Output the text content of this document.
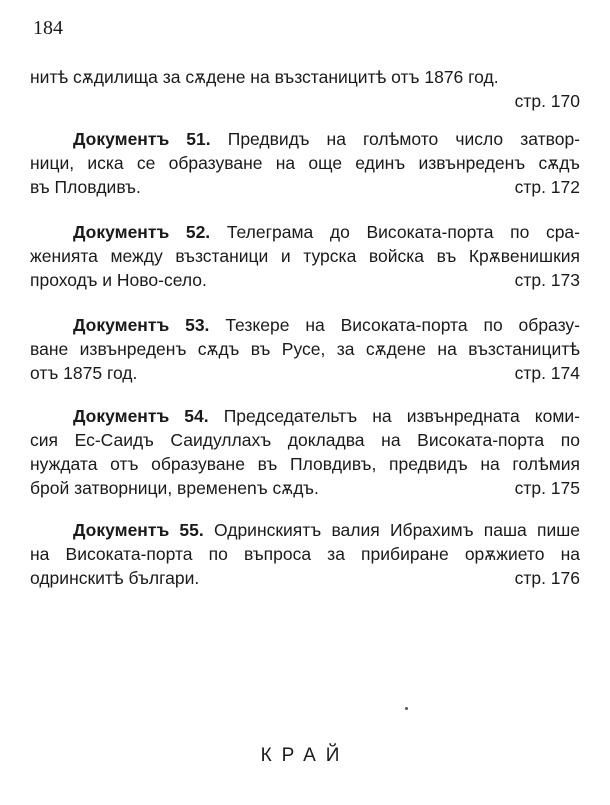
184
нитѣ сѫдилища за сѫдене на възстаницитѣ отъ 1876 год.
стр. 170
Документъ 51. Предвидъ на голѣмото число затвор-
ници, иска се образуване на още единъ извънреденъ сѫдъ
въ Пловдивъ.	стр. 172
Документъ 52. Телеграма до Високата-порта по сра-
женията между възстаници и турска войска въ Крѫвенишкия
проходъ и Ново-село.	стр. 173
Документъ 53. Тезкере на Високата-порта по образу-
ване извънреденъ сѫдъ въ Русе, за сѫдене на възстаницитѣ
отъ 1875 год.	стр. 174
Документъ 54. Председательтъ на извънредната коми-
сия Ес-Саидъ Саидуллахъ докладва на Високата-порта по
нуждата отъ образуване въ Пловдивъ, предвидъ на голѣмия
брой затворници, временenъ сѫдъ.	стр. 175
Документъ 55. Одринскиятъ валия Ибрахимъ паша пише
на Високата-порта по въпроса за прибиране орѫжието на
одринскитѣ българи.	стр. 176
КРАЙ
